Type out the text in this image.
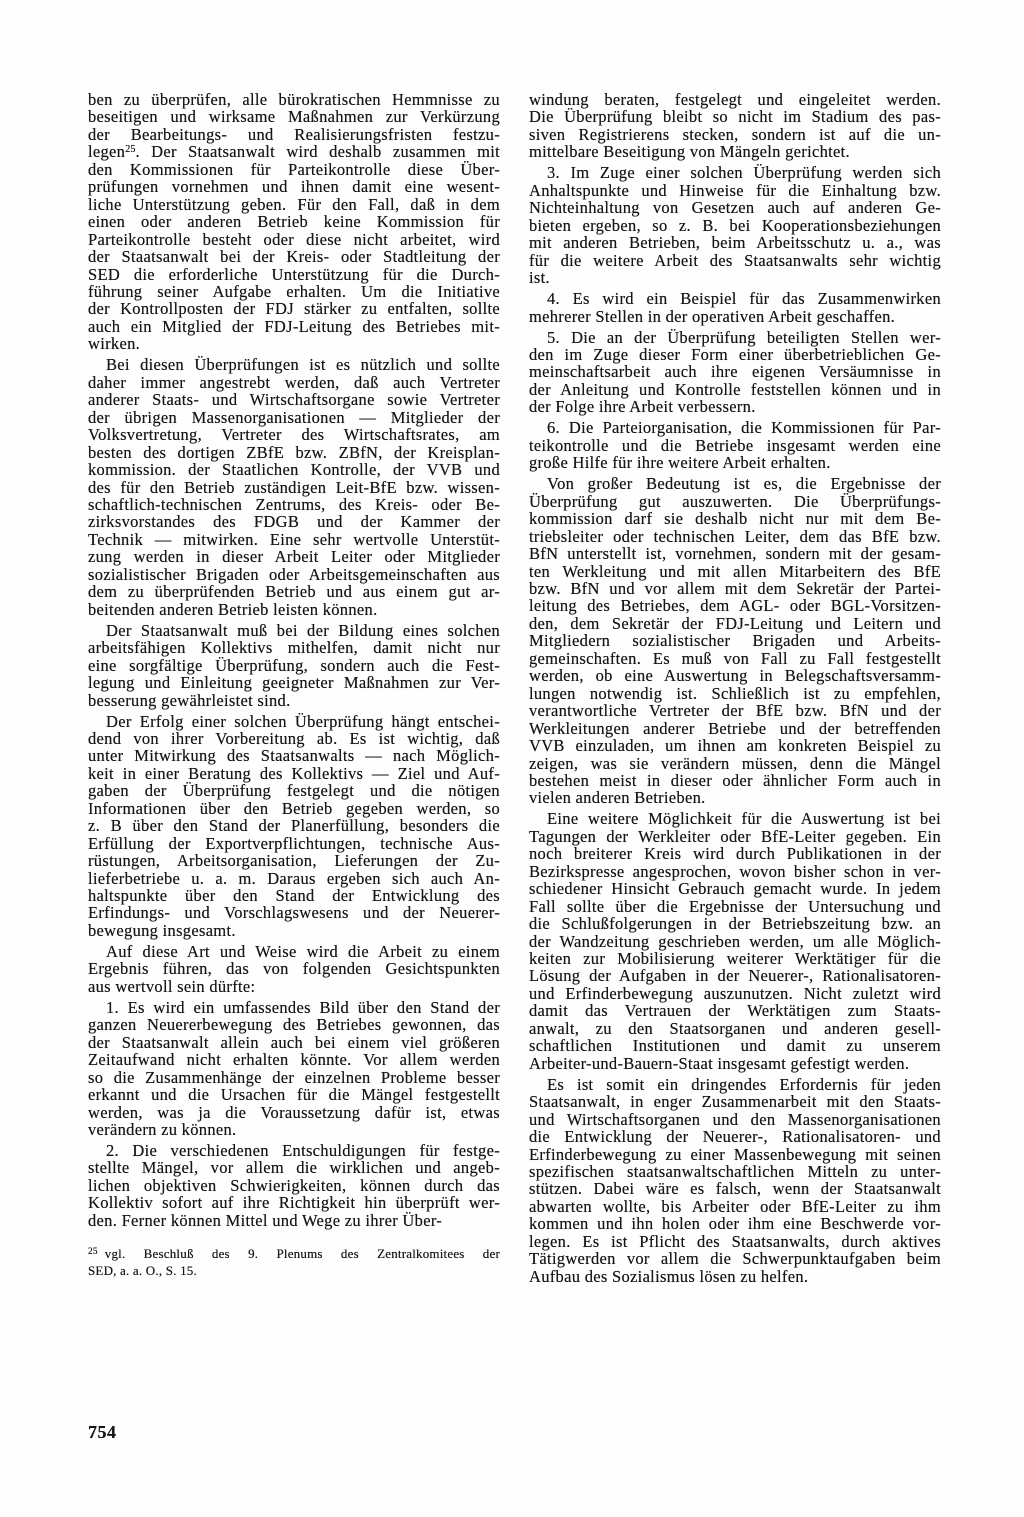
ben zu überprüfen, alle bürokratischen Hemmnisse zu
beseitigen und wirksame Maßnahmen zur Verkürzung
der Bearbeitungs- und Realisierungsfristen festzu-
legen$^{25}$. Der Staatsanwalt wird deshalb zusammen mit
den Kommissionen für Parteikontrolle diese Über-
prüfungen vornehmen und ihnen damit eine wesent-
liche Unterstützung geben. Für den Fall, daß in dem
einen oder anderen Betrieb keine Kommission für
Parteikontrolle besteht oder diese nicht arbeitet, wird
der Staatsanwalt bei der Kreis- oder Stadtleitung der
SED die erforderliche Unterstützung für die Durch-
führung seiner Aufgabe erhalten. Um die Initiative
der Kontrollposten der FDJ stärker zu entfalten, sollte
auch ein Mitglied der FDJ-Leitung des Betriebes mit-
wirken.
Bei diesen Überprüfungen ist es nützlich und sollte
daher immer angestrebt werden, daß auch Vertreter
anderer Staats- und Wirtschaftsorgane sowie Vertreter
der übrigen Massenorganisationen — Mitglieder der
Volksvertretung, Vertreter des Wirtschaftsrates, am
besten des dortigen ZBfE bzw. ZBfN, der Kreisplan-
kommission. der Staatlichen Kontrolle, der VVB und
des für den Betrieb zuständigen Leit-BfE bzw. wissen-
schaftlich-technischen Zentrums, des Kreis- oder Be-
zirksvorstandes des FDGB und der Kammer der
Technik — mitwirken. Eine sehr wertvolle Unterstüt-
zung werden in dieser Arbeit Leiter oder Mitglieder
sozialistischer Brigaden oder Arbeitsgemeinschaften aus
dem zu überprüfenden Betrieb und aus einem gut ar-
beitenden anderen Betrieb leisten können.
Der Staatsanwalt muß bei der Bildung eines solchen
arbeitsfähigen Kollektivs mithelfen, damit nicht nur
eine sorgfältige Überprüfung, sondern auch die Fest-
legung und Einleitung geeigneter Maßnahmen zur Ver-
besserung gewährleistet sind.
Der Erfolg einer solchen Überprüfung hängt entschei-
dend von ihrer Vorbereitung ab. Es ist wichtig, daß
unter Mitwirkung des Staatsanwalts — nach Möglich-
keit in einer Beratung des Kollektivs — Ziel und Auf-
gaben der Überprüfung festgelegt und die nötigen
Informationen über den Betrieb gegeben werden, so
z. B über den Stand der Planerfüllung, besonders die
Erfüllung der Exportverpflichtungen, technische Aus-
rüstungen, Arbeitsorganisation, Lieferungen der Zu-
lieferbetriebe u. a. m. Daraus ergeben sich auch An-
haltspunkte über den Stand der Entwicklung des
Erfindungs- und Vorschlagswesens und der Neuerer-
bewegung insgesamt.
Auf diese Art und Weise wird die Arbeit zu einem
Ergebnis führen, das von folgenden Gesichtspunkten
aus wertvoll sein dürfte:
1. Es wird ein umfassendes Bild über den Stand der
ganzen Neuererbewegung des Betriebes gewonnen, das
der Staatsanwalt allein auch bei einem viel größeren
Zeitaufwand nicht erhalten könnte. Vor allem werden
so die Zusammenhänge der einzelnen Probleme besser
erkannt und die Ursachen für die Mängel festgestellt
werden, was ja die Voraussetzung dafür ist, etwas
verändern zu können.
2. Die verschiedenen Entschuldigungen für festge-
stellte Mängel, vor allem die wirklichen und angeb-
lichen objektiven Schwierigkeiten, können durch das
Kollektiv sofort auf ihre Richtigkeit hin überprüft wer-
den. Ferner können Mittel und Wege zu ihrer Über-
windung beraten, festgelegt und eingeleitet werden.
Die Überprüfung bleibt so nicht im Stadium des pas-
siven Registrierens stecken, sondern ist auf die un-
mittelbare Beseitigung von Mängeln gerichtet.
3. Im Zuge einer solchen Überprüfung werden sich
Anhaltspunkte und Hinweise für die Einhaltung bzw.
Nichteinhaltung von Gesetzen auch auf anderen Ge-
bieten ergeben, so z. B. bei Kooperationsbeziehungen
mit anderen Betrieben, beim Arbeitsschutz u. a., was
für die weitere Arbeit des Staatsanwalts sehr wichtig
ist.
4. Es wird ein Beispiel für das Zusammenwirken
mehrerer Stellen in der operativen Arbeit geschaffen.
5. Die an der Überprüfung beteiligten Stellen wer-
den im Zuge dieser Form einer überbetrieblichen Ge-
meinschaftsarbeit auch ihre eigenen Versäumnisse in
der Anleitung und Kontrolle feststellen können und in
der Folge ihre Arbeit verbessern.
6. Die Parteiorganisation, die Kommissionen für Par-
teikontrolle und die Betriebe insgesamt werden eine
große Hilfe für ihre weitere Arbeit erhalten.
Von großer Bedeutung ist es, die Ergebnisse der
Überprüfung gut auszuwerten. Die Überprüfungs-
kommission darf sie deshalb nicht nur mit dem Be-
triebsleiter oder technischen Leiter, dem das BfE bzw.
BfN unterstellt ist, vornehmen, sondern mit der gesam-
ten Werkleitung und mit allen Mitarbeitern des BfE
bzw. BfN und vor allem mit dem Sekretär der Partei-
leitung des Betriebes, dem AGL- oder BGL-Vorsitzen-
den, dem Sekretär der FDJ-Leitung und Leitern und
Mitgliedern sozialistischer Brigaden und Arbeits-
gemeinschaften. Es muß von Fall zu Fall festgestellt
werden, ob eine Auswertung in Belegschaftsversamm-
lungen notwendig ist. Schließlich ist zu empfehlen,
verantwortliche Vertreter der BfE bzw. BfN und der
Werkleitungen anderer Betriebe und der betreffenden
VVB einzuladen, um ihnen am konkreten Beispiel zu
zeigen, was sie verändern müssen, denn die Mängel
bestehen meist in dieser oder ähnlicher Form auch in
vielen anderen Betrieben.
Eine weitere Möglichkeit für die Auswertung ist bei
Tagungen der Werkleiter oder BfE-Leiter gegeben. Ein
noch breiterer Kreis wird durch Publikationen in der
Bezirkspresse angesprochen, wovon bisher schon in ver-
schiedener Hinsicht Gebrauch gemacht wurde. In jedem
Fall sollte über die Ergebnisse der Untersuchung und
die Schlußfolgerungen in der Betriebszeitung bzw. an
der Wandzeitung geschrieben werden, um alle Möglich-
keiten zur Mobilisierung weiterer Werktätiger für die
Lösung der Aufgaben in der Neuerer-, Rationalisatoren-
und Erfinderbewegung auszunutzen. Nicht zuletzt wird
damit das Vertrauen der Werktätigen zum Staats-
anwalt, zu den Staatsorganen und anderen gesell-
schaftlichen Institutionen und damit zu unserem
Arbeiter-und-Bauern-Staat insgesamt gefestigt werden.
Es ist somit ein dringendes Erfordernis für jeden
Staatsanwalt, in enger Zusammenarbeit mit den Staats-
und Wirtschaftsorganen und den Massenorganisationen
die Entwicklung der Neuerer-, Rationalisatoren- und
Erfinderbewegung zu einer Massenbewegung mit seinen
spezifischen staatsanwaltschaftlichen Mitteln zu unter-
stützen. Dabei wäre es falsch, wenn der Staatsanwalt
abwarten wollte, bis Arbeiter oder BfE-Leiter zu ihm
kommen und ihn holen oder ihm eine Beschwerde vor-
legen. Es ist Pflicht des Staatsanwalts, durch aktives
Tätigwerden vor allem die Schwerpunktaufgaben beim
Aufbau des Sozialismus lösen zu helfen.
$^{25}$ vgl. Beschluß des 9. Plenums des Zentralkomitees der
SED, a. a. O., S. 15.
754
